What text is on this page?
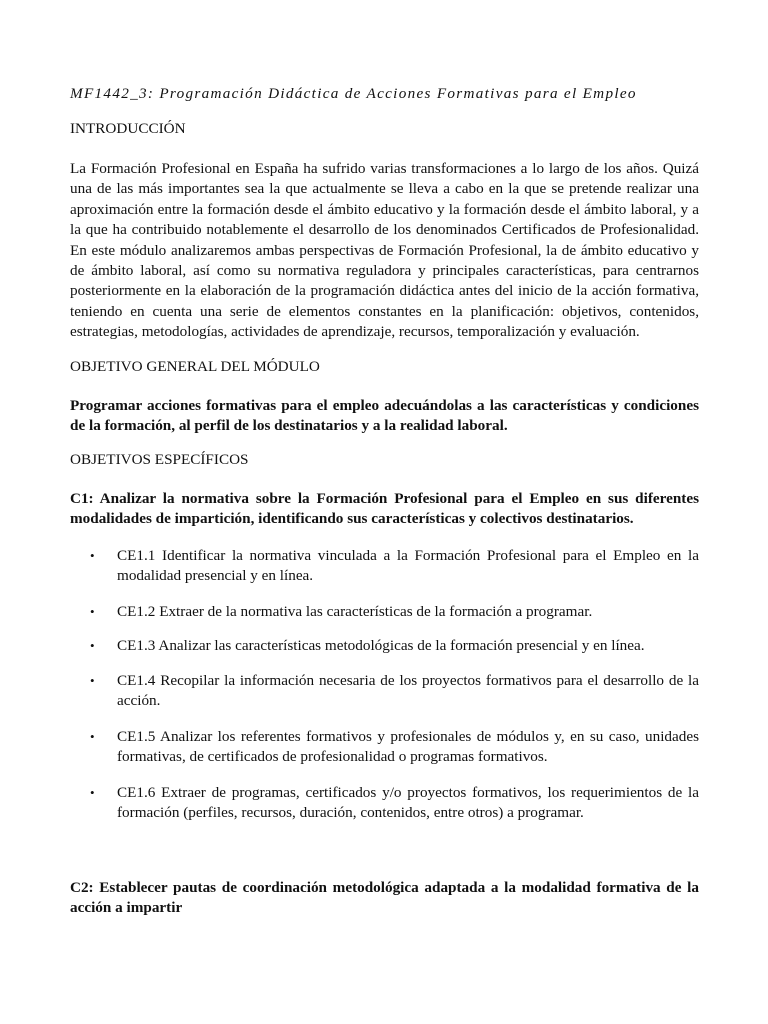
MF1442_3: Programación Didáctica de Acciones Formativas para el Empleo
INTRODUCCIÓN

La Formación Profesional en España ha sufrido varias transformaciones a lo largo de los años. Quizá una de las más importantes sea la que actualmente se lleva a cabo en la que se pretende realizar una aproximación entre la formación desde el ámbito educativo y la formación desde el ámbito laboral, y a la que ha contribuido notablemente el desarrollo de los denominados Certificados de Profesionalidad. En este módulo analizaremos ambas perspectivas de Formación Profesional, la de ámbito educativo y de ámbito laboral, así como su normativa reguladora y principales características, para centrarnos posteriormente en la elaboración de la programación didáctica antes del inicio de la acción formativa, teniendo en cuenta una serie de elementos constantes en la planificación: objetivos, contenidos, estrategias, metodologías, actividades de aprendizaje, recursos, temporalización y evaluación.

OBJETIVO GENERAL DEL MÓDULO

Programar acciones formativas para el empleo adecuándolas a las características y condiciones de la formación, al perfil de los destinatarios y a la realidad laboral.

OBJETIVOS ESPECÍFICOS

C1: Analizar la normativa sobre la Formación Profesional para el Empleo en sus diferentes modalidades de impartición, identificando sus características y colectivos destinatarios.

• CE1.1 Identificar la normativa vinculada a la Formación Profesional para el Empleo en la modalidad presencial y en línea.
• CE1.2 Extraer de la normativa las características de la formación a programar.
• CE1.3 Analizar las características metodológicas de la formación presencial y en línea.
• CE1.4 Recopilar la información necesaria de los proyectos formativos para el desarrollo de la acción.
• CE1.5 Analizar los referentes formativos y profesionales de módulos y, en su caso, unidades formativas, de certificados de profesionalidad o programas formativos.
• CE1.6 Extraer de programas, certificados y/o proyectos formativos, los requerimientos de la formación (perfiles, recursos, duración, contenidos, entre otros) a programar.

C2: Establecer pautas de coordinación metodológica adaptada a la modalidad formativa de la acción a impartir
